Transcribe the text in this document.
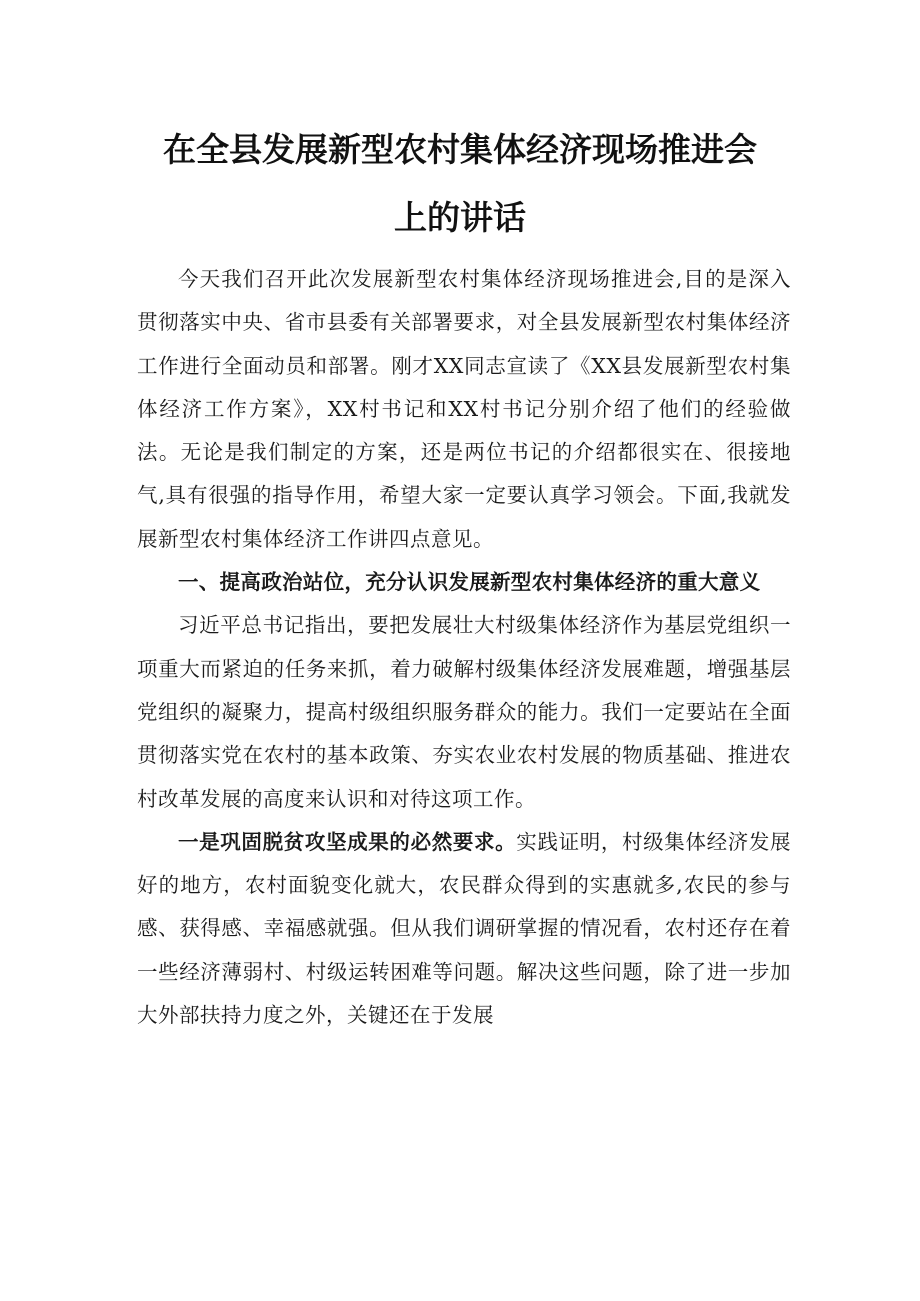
在全县发展新型农村集体经济现场推进会
上的讲话

今天我们召开此次发展新型农村集体经济现场推进会,目的是深入贯彻落实中央、省市县委有关部署要求，对全县发展新型农村集体经济工作进行全面动员和部署。刚才XX同志宣读了《XX县发展新型农村集体经济工作方案》，XX村书记和XX村书记分别介绍了他们的经验做法。无论是我们制定的方案，还是两位书记的介绍都很实在、很接地气,具有很强的指导作用，希望大家一定要认真学习领会。下面,我就发展新型农村集体经济工作讲四点意见。

一、提高政治站位，充分认识发展新型农村集体经济的重大意义

习近平总书记指出，要把发展壮大村级集体经济作为基层党组织一项重大而紧迫的任务来抓，着力破解村级集体经济发展难题，增强基层党组织的凝聚力，提高村级组织服务群众的能力。我们一定要站在全面贯彻落实党在农村的基本政策、夯实农业农村发展的物质基础、推进农村改革发展的高度来认识和对待这项工作。

一是巩固脱贫攻坚成果的必然要求。实践证明，村级集体经济发展好的地方，农村面貌变化就大，农民群众得到的实惠就多,农民的参与感、获得感、幸福感就强。但从我们调研掌握的情况看，农村还存在着一些经济薄弱村、村级运转困难等问题。解决这些问题，除了进一步加大外部扶持力度之外，关键还在于发展
